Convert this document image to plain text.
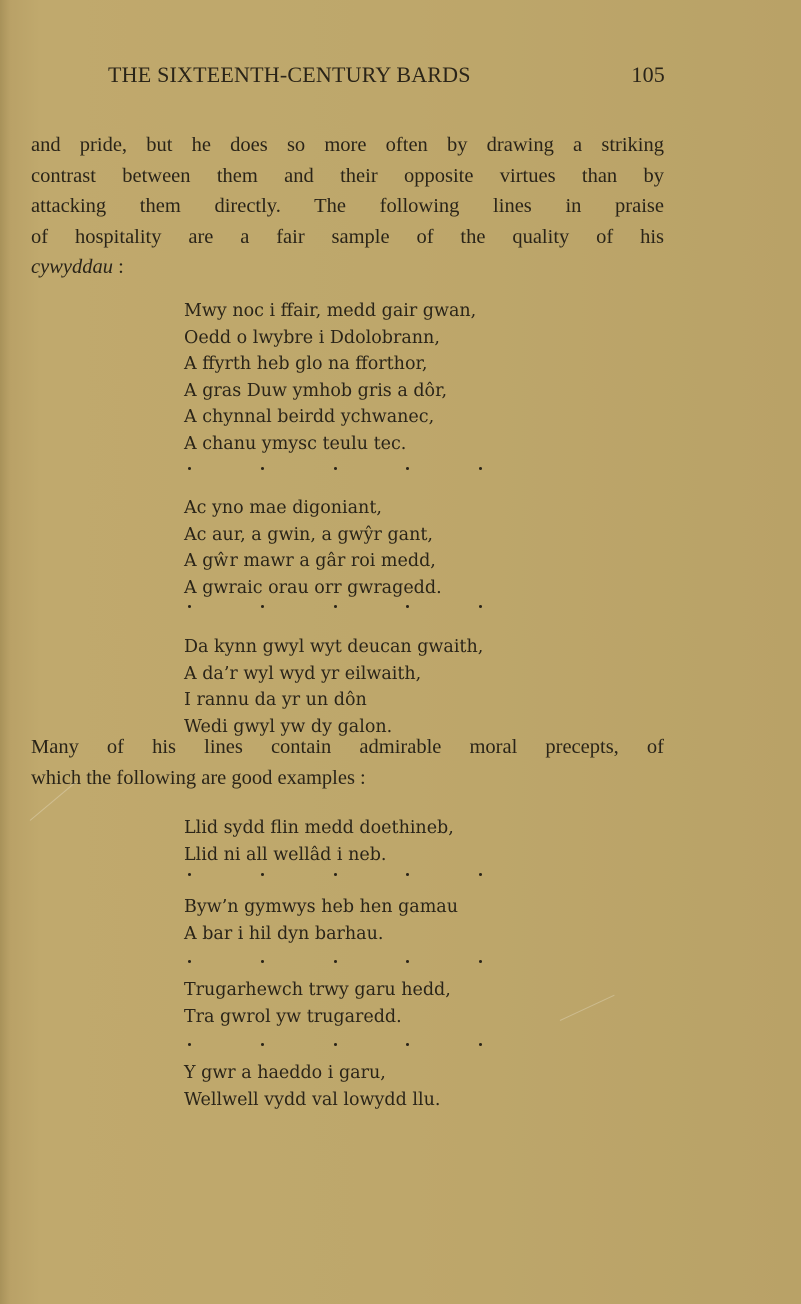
THE SIXTEENTH-CENTURY BARDS	105
and pride, but he does so more often by drawing a striking
contrast between them and their opposite virtues than by
attacking them directly. The following lines in praise
of hospitality are a fair sample of the quality of his
cywyddau :
Mwy noc i ffair, medd gair gwan,
Oedd o lwybre i Ddolobrann,
A ffyrth heb glo na fforthor,
A gras Duw ymhob gris a dôr,
A chynnal beirdd ychwanec,
A chanu ymysc teulu tec.
Ac yno mae digoniant,
Ac aur, a gwin, a gwŷr gant,
A gŵr mawr a gâr roi medd,
A gwraic orau orr gwragedd.
Da kynn gwyl wyt deucan gwaith,
A da’r wyl wyd yr eilwaith,
I rannu da yr un dôn
Wedi gwyl yw dy galon.
Many of his lines contain admirable moral precepts, of
which the following are good examples :
Llid sydd flin medd doethineb,
Llid ni all wellâd i neb.
Byw’n gymwys heb hen gamau
A bar i hil dyn barhau.
Trugarhewch trwy garu hedd,
Tra gwrol yw trugaredd.
Y gwr a haeddo i garu,
Wellwell vydd val lowydd llu.
